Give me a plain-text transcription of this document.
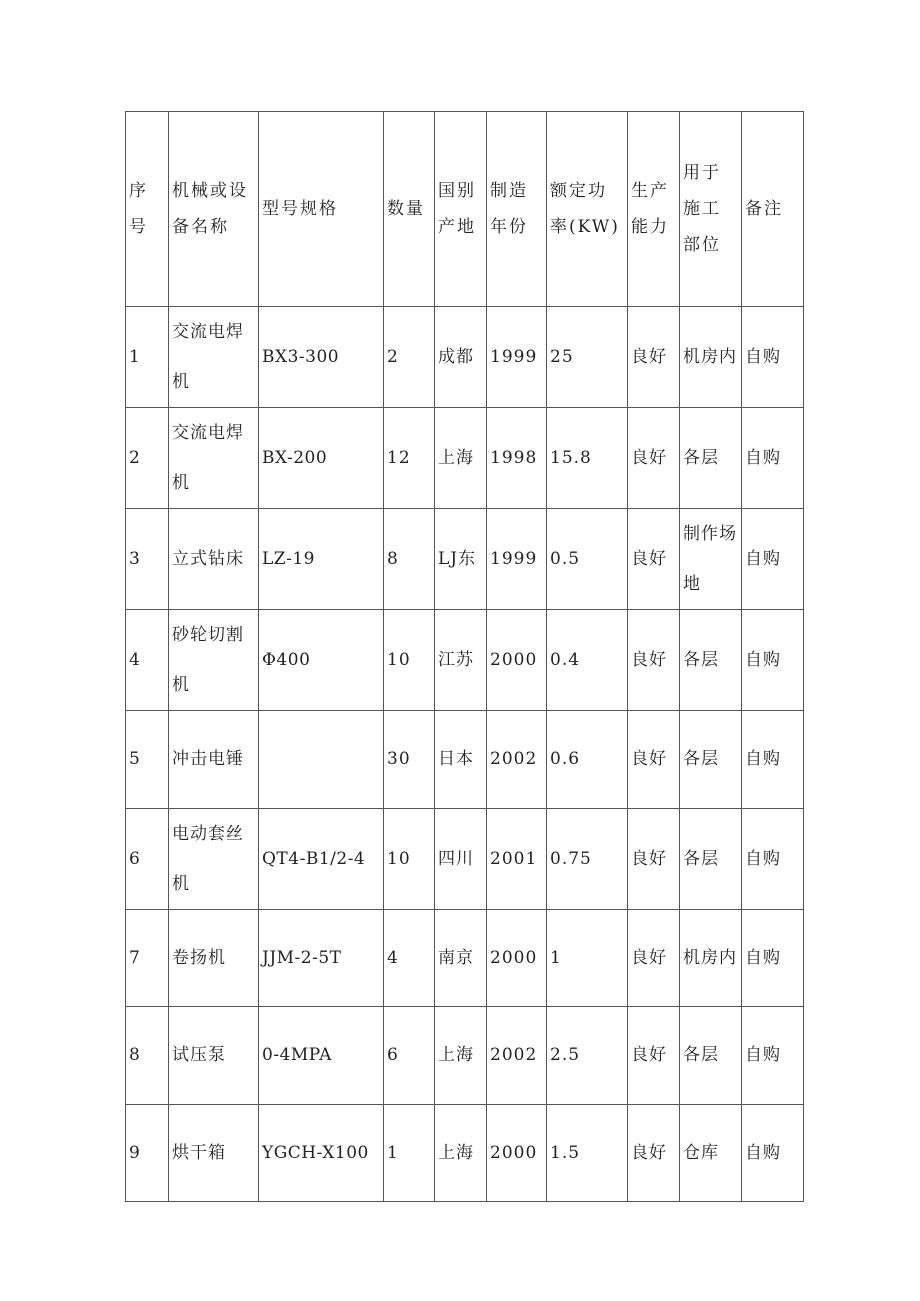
序号	机械或设备名称	型号规格	数量	国别产地	制造年份	额定功率(KW)	生产能力	用于施工部位	备注
1	交流电焊机	BX3-300	2	成都	1999	25	良好	机房内	自购
2	交流电焊机	BX-200	12	上海	1998	15.8	良好	各层	自购
3	立式钻床	LZ-19	8	LJ东	1999	0.5	良好	制作场地	自购
4	砂轮切割机	Φ400	10	江苏	2000	0.4	良好	各层	自购
5	冲击电锤		30	日本	2002	0.6	良好	各层	自购
6	电动套丝机	QT4-B1/2-4	10	四川	2001	0.75	良好	各层	自购
7	卷扬机	JJM-2-5T	4	南京	2000	1	良好	机房内	自购
8	试压泵	0-4MPA	6	上海	2002	2.5	良好	各层	自购
9	烘干箱	YGCH-X100	1	上海	2000	1.5	良好	仓库	自购
